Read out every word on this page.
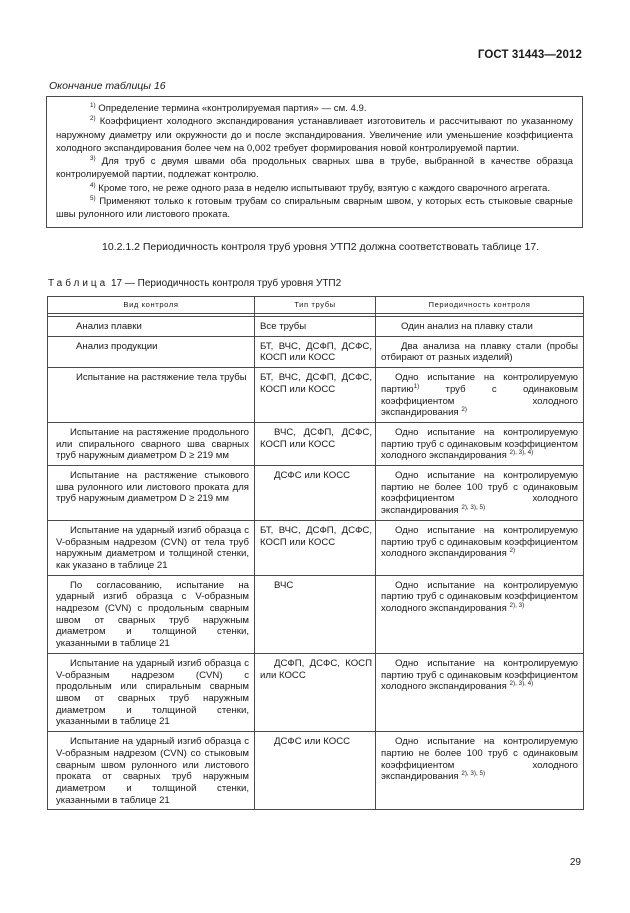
ГОСТ 31443—2012
Окончание таблицы 16

$^{1)}$ Определение термина «контролируемая партия» — см. 4.9.

$^{2)}$ Коэффициент холодного экспандирования устанавливает изготовитель и рассчитывают по указанному наружному диаметру или окружности до и после экспандирования. Увеличение или уменьшение коэффициента холодного экспандирования более чем на 0,002 требует формирования новой контролируемой партии.

$^{3)}$ Для труб с двумя швами оба продольных сварных шва в трубе, выбранной в качестве образца контролируемой партии, подлежат контролю.

$^{4)}$ Кроме того, не реже одного раза в неделю испытывают трубу, взятую с каждого сварочного агрегата.

$^{5)}$ Применяют только к готовым трубам со спиральным сварным швом, у которых есть стыковые сварные швы рулонного или листового проката.

10.2.1.2 Периодичность контроля труб уровня УТП2 должна соответствовать таблице 17.
Таблица 17 — Периодичность контроля труб уровня УТП2
Вид контроля	Тип трубы	Периодичность контроля

Анализ плавки	Все трубы	Один анализ на плавку стали
Анализ продукции	БТ, ВЧС, ДСФП, ДСФС, КОСП или КОСС	Два анализа на плавку стали (пробы отбирают от разных изделий)
Испытание на растяжение тела трубы	БТ, ВЧС, ДСФП, ДСФС, КОСП или КОСС	Одно испытание на контролируемую партию$^{1)}$ труб с одинаковым коэффициентом холодного экспандирования $^{2)}$
Испытание на растяжение продольного или спирального сварного шва сварных труб наружным диаметром D ≥ 219 мм	ВЧС, ДСФП, ДСФС, КОСП или КОСС	Одно испытание на контролируемую партию труб с одинаковым коэффициентом холодного экспандирования $^{2), 3), 4)}$
Испытание на растяжение стыкового шва рулонного или листового проката для труб наружным диаметром D ≥ 219 мм	ДСФС или КОСС	Одно испытание на контролируемую партию не более 100 труб с одинаковым коэффициентом холодного экспандирования $^{2), 3), 5)}$
Испытание на ударный изгиб образца с V-образным надрезом (CVN) от тела труб наружным диаметром и толщиной стенки, как указано в таблице 21	БТ, ВЧС, ДСФП, ДСФС, КОСП или КОСС	Одно испытание на контролируемую партию труб с одинаковым коэффициентом холодного экспандирования $^{2)}$
По согласованию, испытание на ударный изгиб образца с V-образным надрезом (CVN) с продольным сварным швом от сварных труб наружным диаметром и толщиной стенки, указанными в таблице 21	ВЧС	Одно испытание на контролируемую партию труб с одинаковым коэффициентом холодного экспандирования $^{2), 3)}$
Испытание на ударный изгиб образца с V-образным надрезом (CVN) с продольным или спиральным сварным швом от сварных труб наружным диаметром и толщиной стенки, указанными в таблице 21	ДСФП, ДСФС, КОСП или КОСС	Одно испытание на контролируемую партию труб с одинаковым коэффициентом холодного экспандирования $^{2), 3), 4)}$
Испытание на ударный изгиб образца с V-образным надрезом (CVN) со стыковым сварным швом рулонного или листового проката от сварных труб наружным диаметром и толщиной стенки, указанными в таблице 21	ДСФС или КОСС	Одно испытание на контролируемую партию не более 100 труб с одинаковым коэффициентом холодного экспандирования $^{2), 3), 5)}$
29
